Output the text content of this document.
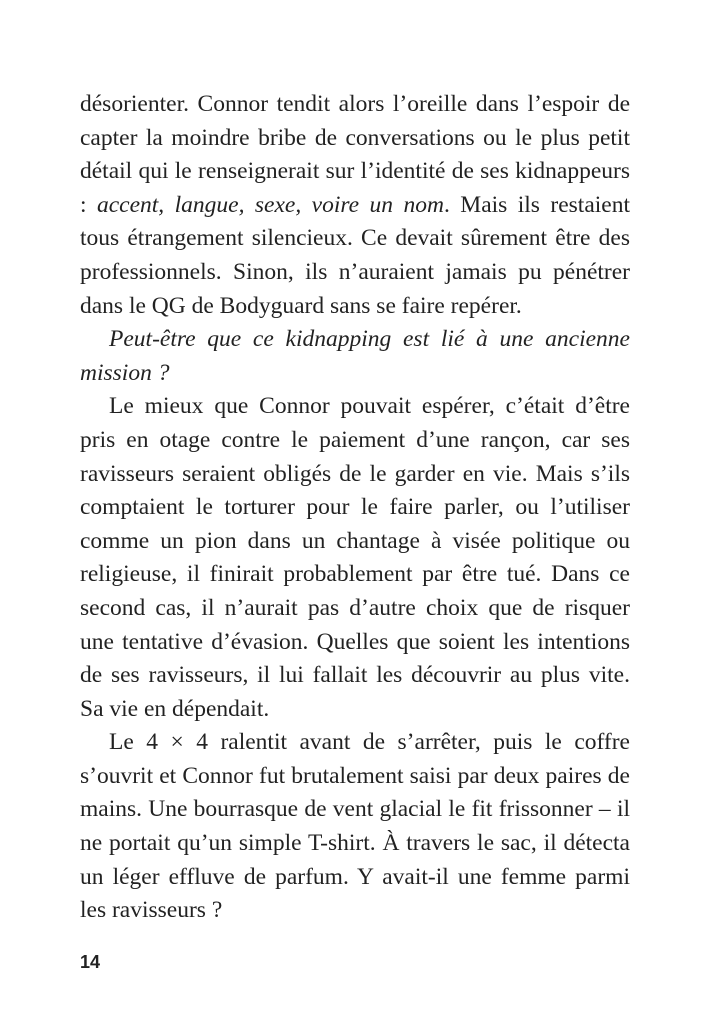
désorienter. Connor tendit alors l’oreille dans l’espoir de capter la moindre bribe de conversations ou le plus petit détail qui le renseignerait sur l’identité de ses kidnappeurs : accent, langue, sexe, voire un nom. Mais ils restaient tous étrangement silencieux. Ce devait sûrement être des professionnels. Sinon, ils n’auraient jamais pu pénétrer dans le QG de Bodyguard sans se faire repérer.

Peut-être que ce kidnapping est lié à une ancienne mission ?

Le mieux que Connor pouvait espérer, c’était d’être pris en otage contre le paiement d’une rançon, car ses ravisseurs seraient obligés de le garder en vie. Mais s’ils comptaient le torturer pour le faire parler, ou l’utiliser comme un pion dans un chantage à visée politique ou religieuse, il finirait probablement par être tué. Dans ce second cas, il n’aurait pas d’autre choix que de risquer une tentative d’évasion. Quelles que soient les intentions de ses ravisseurs, il lui fallait les découvrir au plus vite. Sa vie en dépendait.

Le 4 × 4 ralentit avant de s’arrêter, puis le coffre s’ouvrit et Connor fut brutalement saisi par deux paires de mains. Une bourrasque de vent glacial le fit frissonner – il ne portait qu’un simple T-shirt. À travers le sac, il détecta un léger effluve de parfum. Y avait-il une femme parmi les ravisseurs ?

14
